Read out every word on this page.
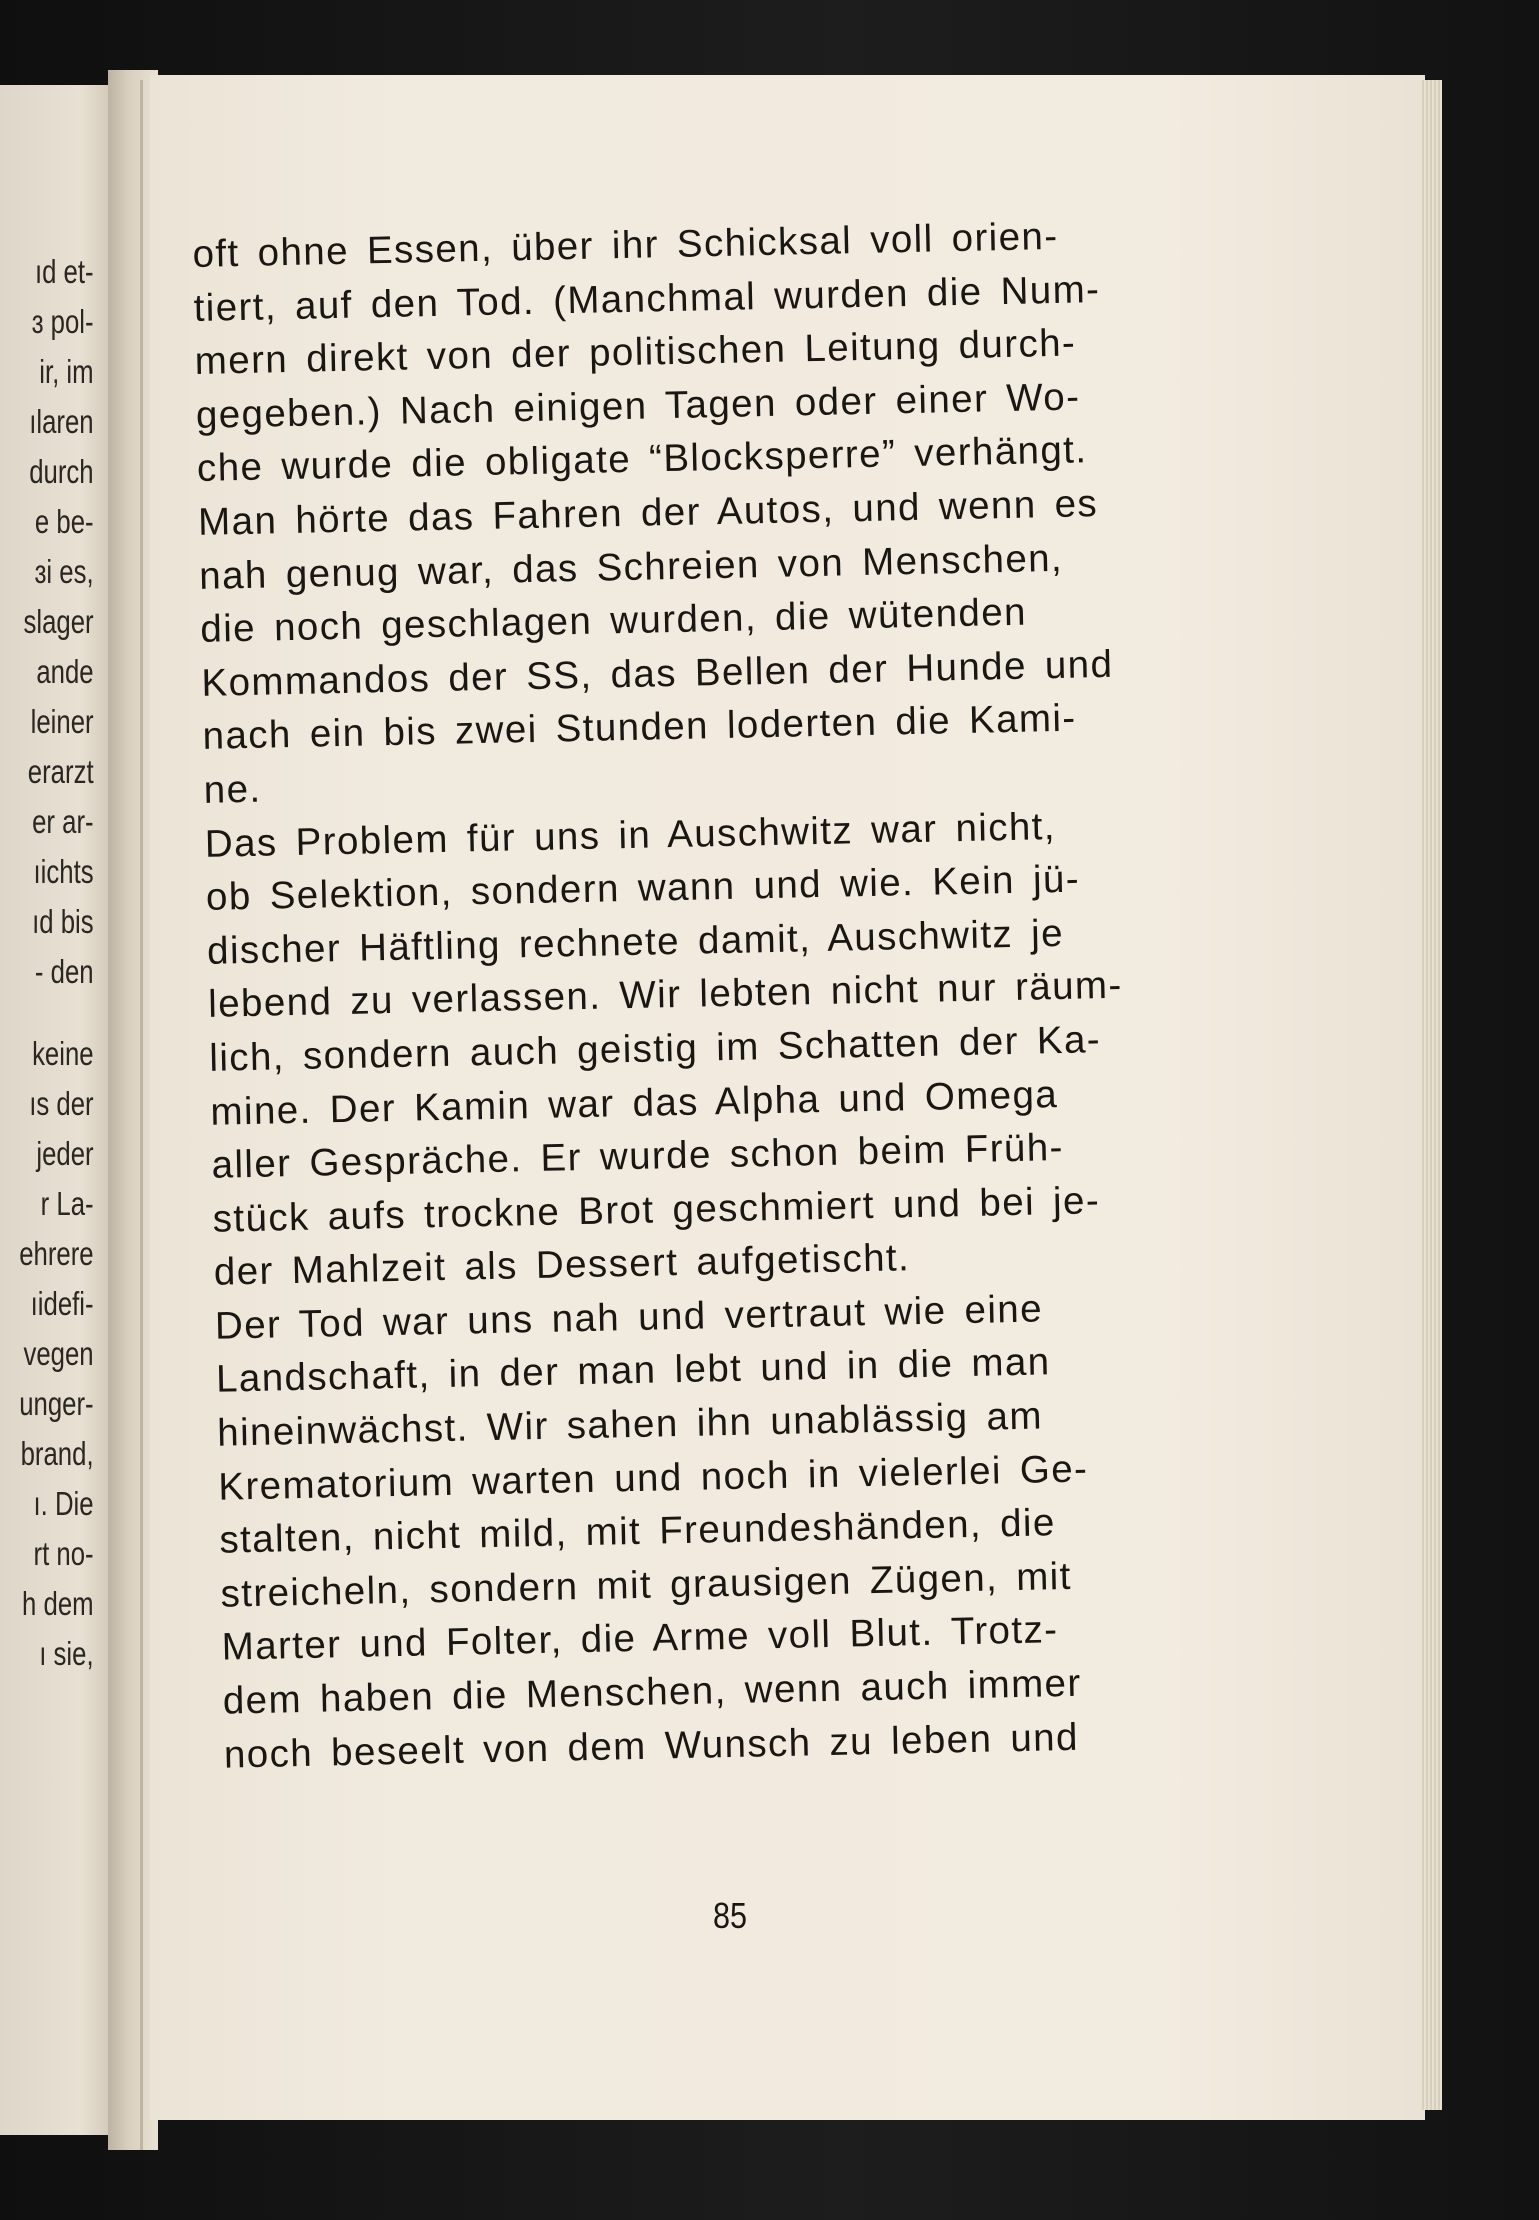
ıd et-
ɜ pol-
ir, im
ılaren
durch
e be-
ɜi es,
slager
ande
leiner
erarzt
er ar-
ıichts
ıd bis
- den
keine
ıs der
jeder
r La-
ehrere
ıidefi-
vegen
unger-
brand,
ı. Die
rt no-
h dem
ı sie,
oft ohne Essen, über ihr Schicksal voll orien-
tiert, auf den Tod. (Manchmal wurden die Num-
mern direkt von der politischen Leitung durch-
gegeben.) Nach einigen Tagen oder einer Wo-
che wurde die obligate “Blocksperre” verhängt.
Man hörte das Fahren der Autos, und wenn es
nah genug war, das Schreien von Menschen,
die noch geschlagen wurden, die wütenden
Kommandos der SS, das Bellen der Hunde und
nach ein bis zwei Stunden loderten die Kami-
ne.
Das Problem für uns in Auschwitz war nicht,
ob Selektion, sondern wann und wie. Kein jü-
discher Häftling rechnete damit, Auschwitz je
lebend zu verlassen. Wir lebten nicht nur räum-
lich, sondern auch geistig im Schatten der Ka-
mine. Der Kamin war das Alpha und Omega
aller Gespräche. Er wurde schon beim Früh-
stück aufs trockne Brot geschmiert und bei je-
der Mahlzeit als Dessert aufgetischt.
Der Tod war uns nah und vertraut wie eine
Landschaft, in der man lebt und in die man
hineinwächst. Wir sahen ihn unablässig am
Krematorium warten und noch in vielerlei Ge-
stalten, nicht mild, mit Freundeshänden, die
streicheln, sondern mit grausigen Zügen, mit
Marter und Folter, die Arme voll Blut. Trotz-
dem haben die Menschen, wenn auch immer
noch beseelt von dem Wunsch zu leben und
85
